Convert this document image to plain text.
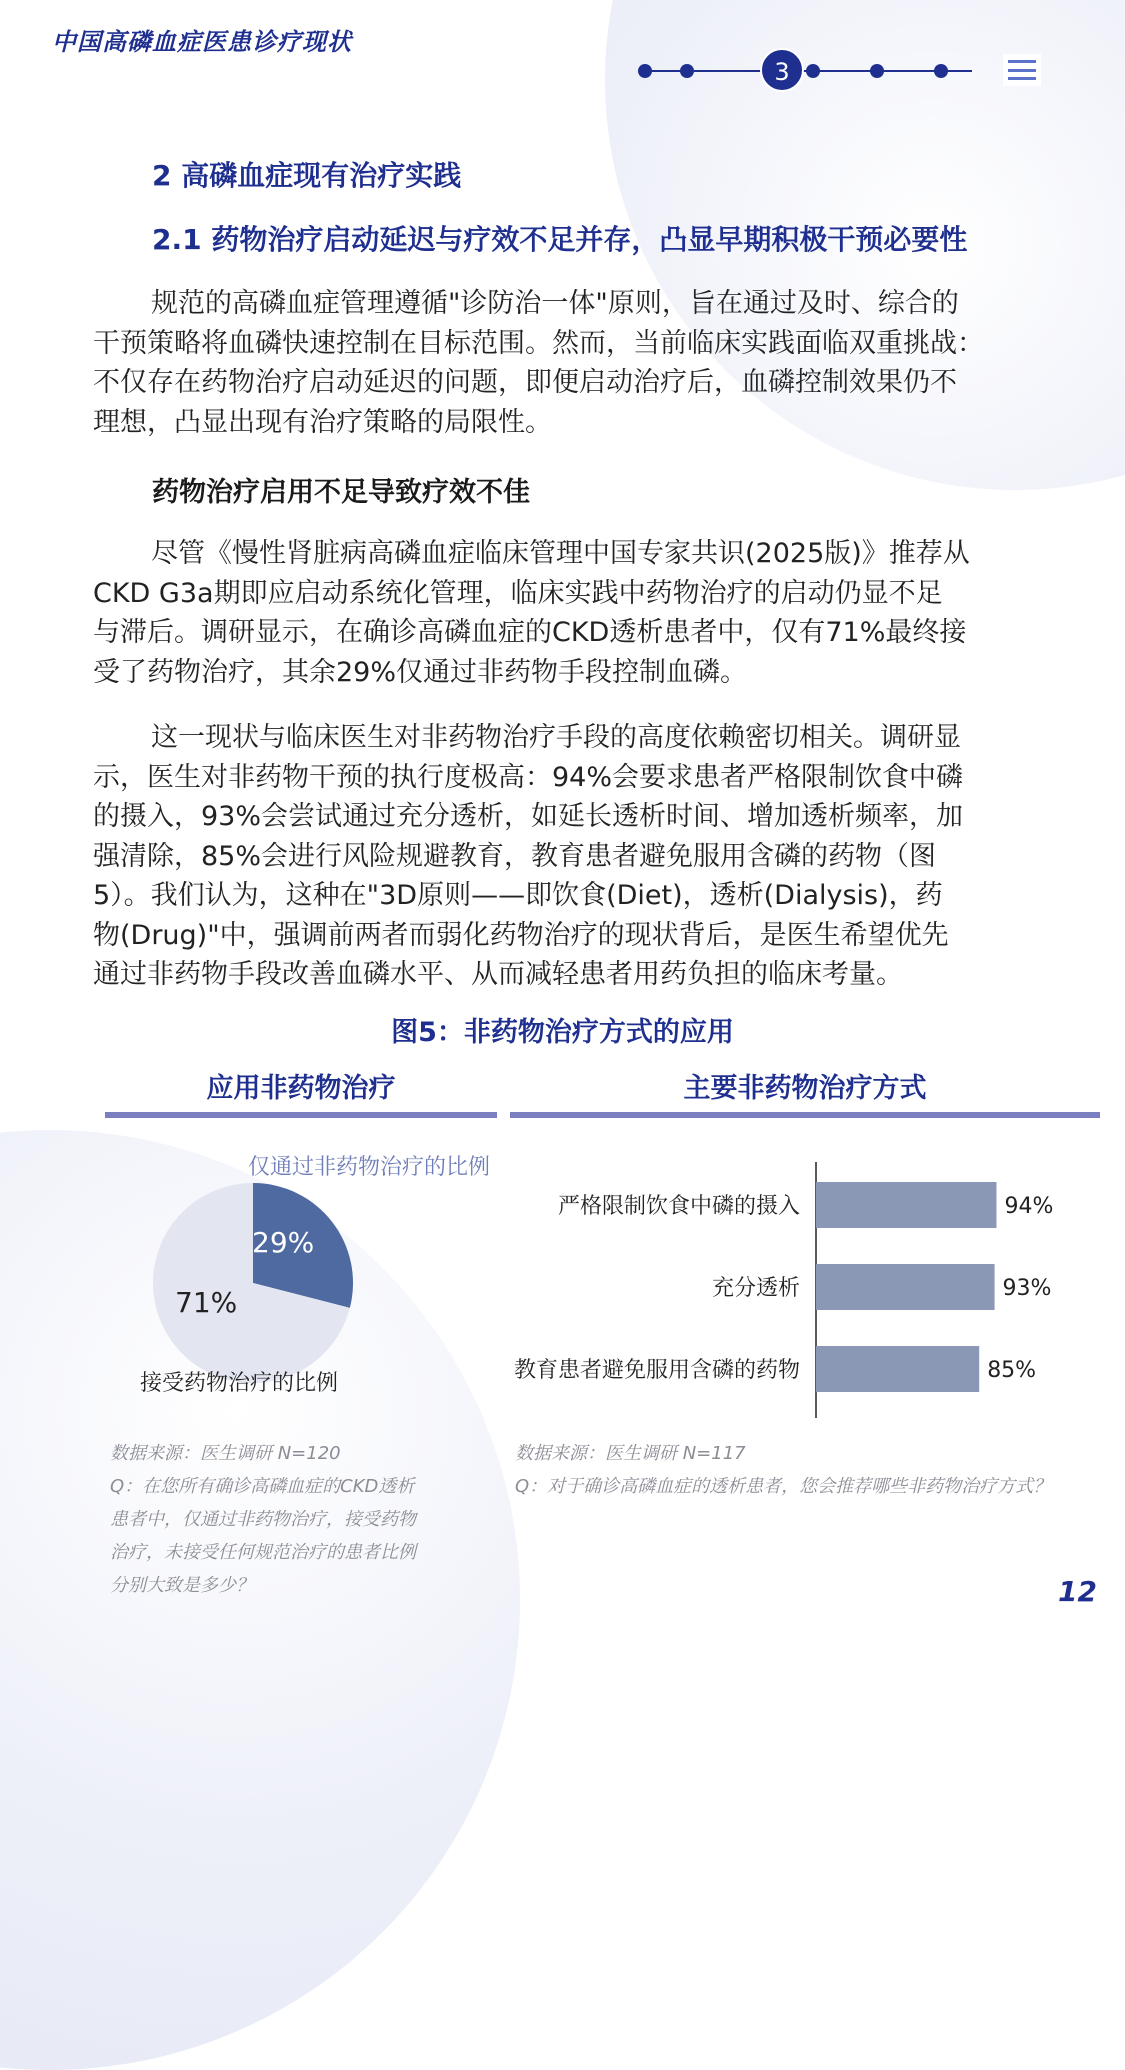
中国高磷血症医患诊疗现状
3
2 高磷血症现有治疗实践
2.1 药物治疗启动延迟与疗效不足并存，凸显早期积极干预必要性
规范的高磷血症管理遵循"诊防治一体"原则，旨在通过及时、综合的
干预策略将血磷快速控制在目标范围。然而，当前临床实践面临双重挑战：
不仅存在药物治疗启动延迟的问题，即便启动治疗后，血磷控制效果仍不
理想，凸显出现有治疗策略的局限性。
药物治疗启用不足导致疗效不佳
尽管《慢性肾脏病高磷血症临床管理中国专家共识(2025版)》推荐从
CKD G3a期即应启动系统化管理，临床实践中药物治疗的启动仍显不足
与滞后。调研显示，在确诊高磷血症的CKD透析患者中，仅有71%最终接
受了药物治疗，其余29%仅通过非药物手段控制血磷。
这一现状与临床医生对非药物治疗手段的高度依赖密切相关。调研显
示，医生对非药物干预的执行度极高：94%会要求患者严格限制饮食中磷
的摄入，93%会尝试通过充分透析，如延长透析时间、增加透析频率，加
强清除，85%会进行风险规避教育，教育患者避免服用含磷的药物（图
5）。我们认为，这种在"3D原则——即饮食(Diet)，透析(Dialysis)，药
物(Drug)"中，强调前两者而弱化药物治疗的现状背后，是医生希望优先
通过非药物手段改善血磷水平、从而减轻患者用药负担的临床考量。
图5：非药物治疗方式的应用
应用非药物治疗	主要非药物治疗方式
仅通过非药物治疗的比例
29%
71%
接受药物治疗的比例
严格限制饮食中磷的摄入	94%
充分透析	93%
教育患者避免服用含磷的药物	85%
数据来源：医生调研 N=120
Q：在您所有确诊高磷血症的CKD透析
患者中，仅通过非药物治疗，接受药物
治疗，未接受任何规范治疗的患者比例
分别大致是多少？
数据来源：医生调研 N=117
Q：对于确诊高磷血症的透析患者，您会推荐哪些非药物治疗方式？
12
